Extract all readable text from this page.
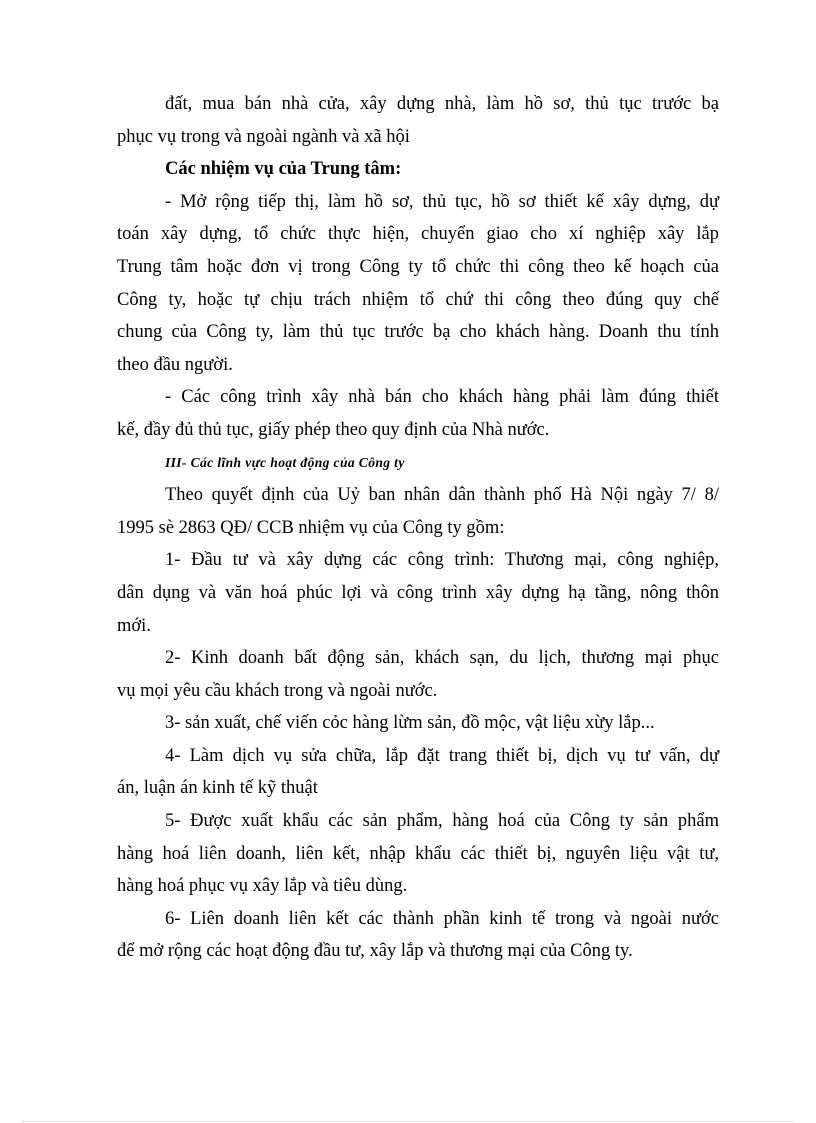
đất, mua bán nhà cửa, xây dựng nhà, làm hồ sơ, thủ tục trước bạ
phục vụ trong và ngoài ngành và xã hội
Các nhiệm vụ của Trung tâm:
- Mở rộng tiếp thị, làm hồ sơ, thủ tục, hồ sơ thiết kế xây dựng, dự
toán xây dựng, tổ chức thực hiện, chuyển giao cho xí nghiệp xây lắp
Trung tâm hoặc đơn vị trong Công ty tổ chức thi công theo kế hoạch của
Công ty, hoặc tự chịu trách nhiệm tổ chứ thi công theo đúng quy chế
chung của Công ty, làm thủ tục trước bạ cho khách hàng. Doanh thu tính
theo đầu người.
- Các công trình xây nhà bán cho khách hàng phải làm đúng thiết
kế, đầy đủ thủ tục, giấy phép theo quy định của Nhà nước.
III- Các lĩnh vực hoạt động của Công ty
Theo quyết định của Uỷ ban nhân dân thành phố Hà Nội ngày 7/ 8/
1995 sè 2863 QĐ/ CCB nhiệm vụ của Công ty gồm:
1- Đầu tư và xây dựng các công trình: Thương mại, công nghiệp,
dân dụng và văn hoá phúc lợi và công trình xây dựng hạ tầng, nông thôn
mới.
2- Kinh doanh bất động sản, khách sạn, du lịch, thương mại phục
vụ mọi yêu cầu khách trong và ngoài nước.
3- sản xuất, chế viến cỏc hàng lừm sản, đồ mộc, vật liệu xừy lắp...
4- Làm dịch vụ sửa chữa, lắp đặt trang thiết bị, dịch vụ tư vấn, dự
án, luận án kinh tế kỹ thuật
5- Được xuất khẩu các sản phẩm, hàng hoá của Công ty sản phẩm
hàng hoá liên doanh, liên kết, nhập khẩu các thiết bị, nguyên liệu vật tư,
hàng hoá phục vụ xây lắp và tiêu dùng.
6- Liên doanh liên kết các thành phần kinh tế trong và ngoài nước
để mở rộng các hoạt động đầu tư, xây lắp và thương mại của Công ty.
